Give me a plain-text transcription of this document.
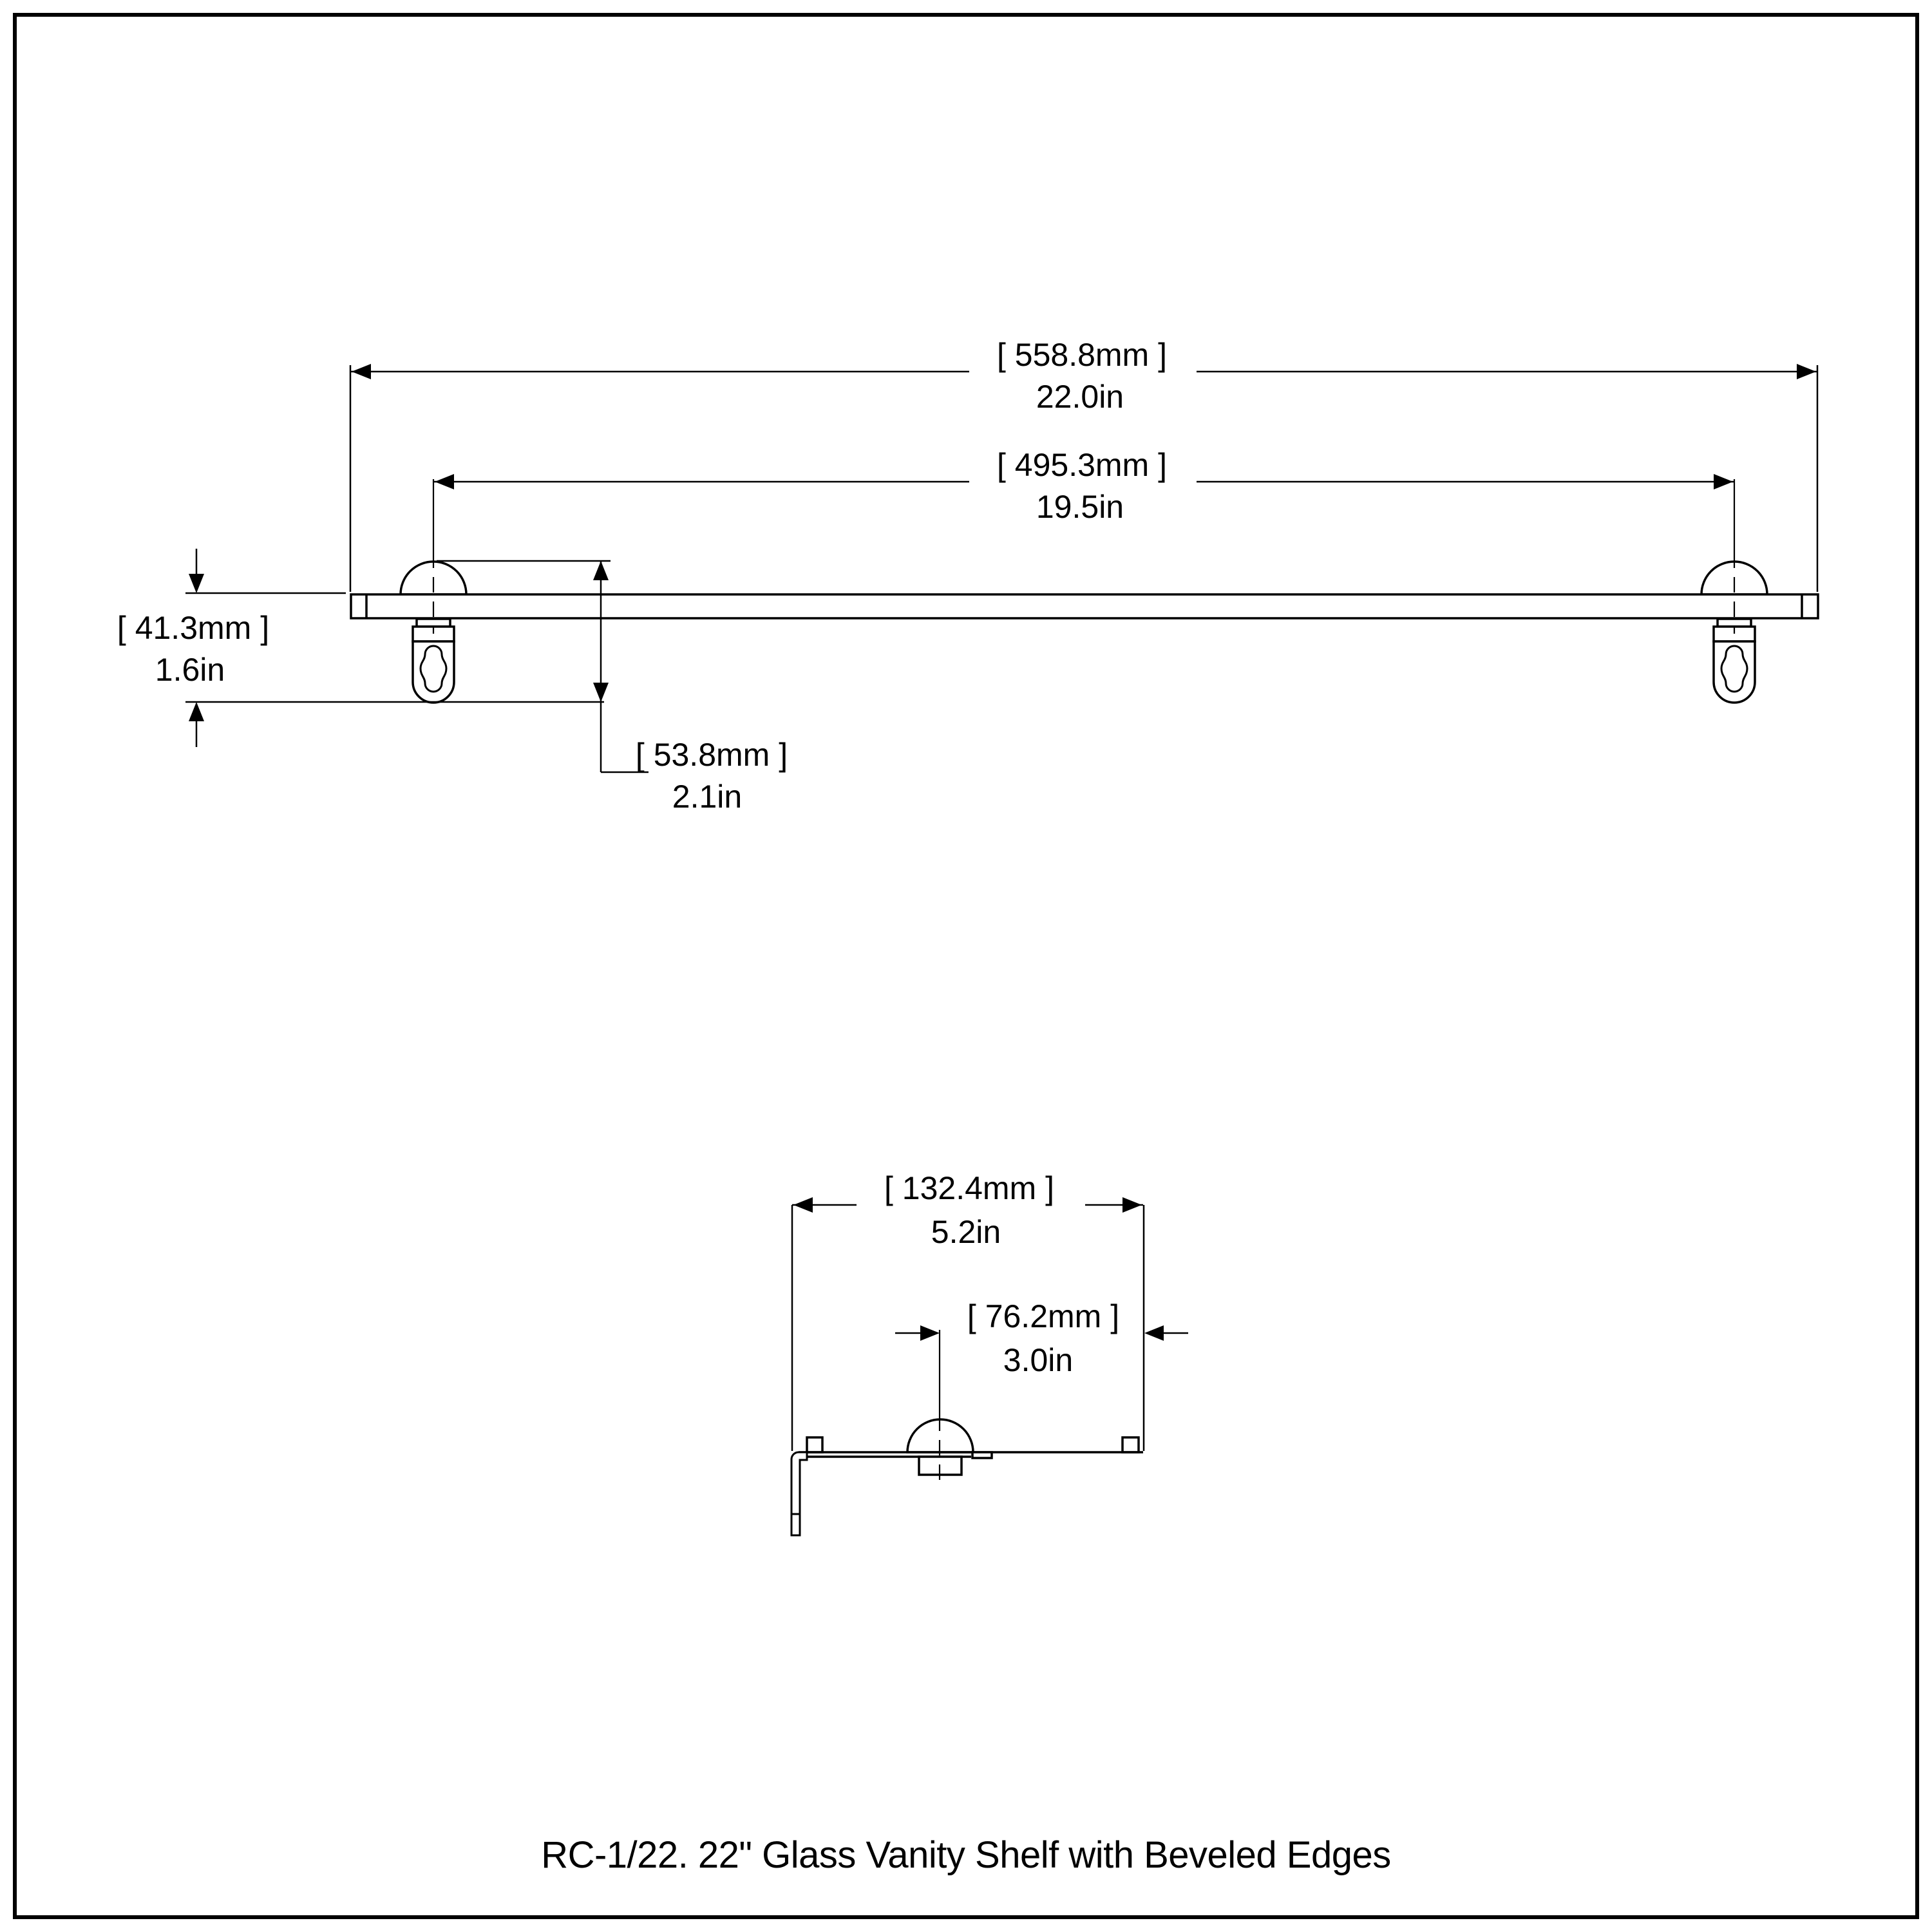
[ 558.8mm ]
22.0in
[ 495.3mm ]
19.5in
[ 41.3mm ]
1.6in
[ 53.8mm ]
2.1in
[ 132.4mm ]
5.2in
[ 76.2mm ]
3.0in
RC-1/22. 22" Glass Vanity Shelf with Beveled Edges
